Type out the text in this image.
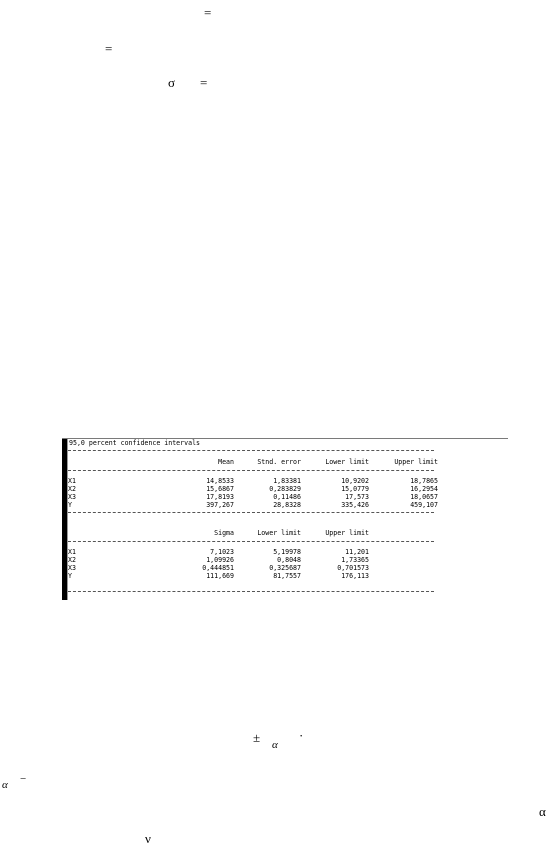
=
=
σ =
95,0 percent confidence intervals
Mean	Stnd. error	Lower limit	Upper limit
X1	14,8533	1,83381	10,9202	18,7865
X2	15,6867	0,283829	15,0779	16,2954
X3	17,8193	0,11486	17,573	18,0657
Y	397,267	28,8328	335,426	459,107
Sigma	Lower limit	Upper limit
X1	7,1023	5,19978	11,201
X2	1,09926	0,8048	1,73365
X3	0,444851	0,325687	0,701573
Y	111,669	81,7557	176,113
± α
·
α −
α
ν
